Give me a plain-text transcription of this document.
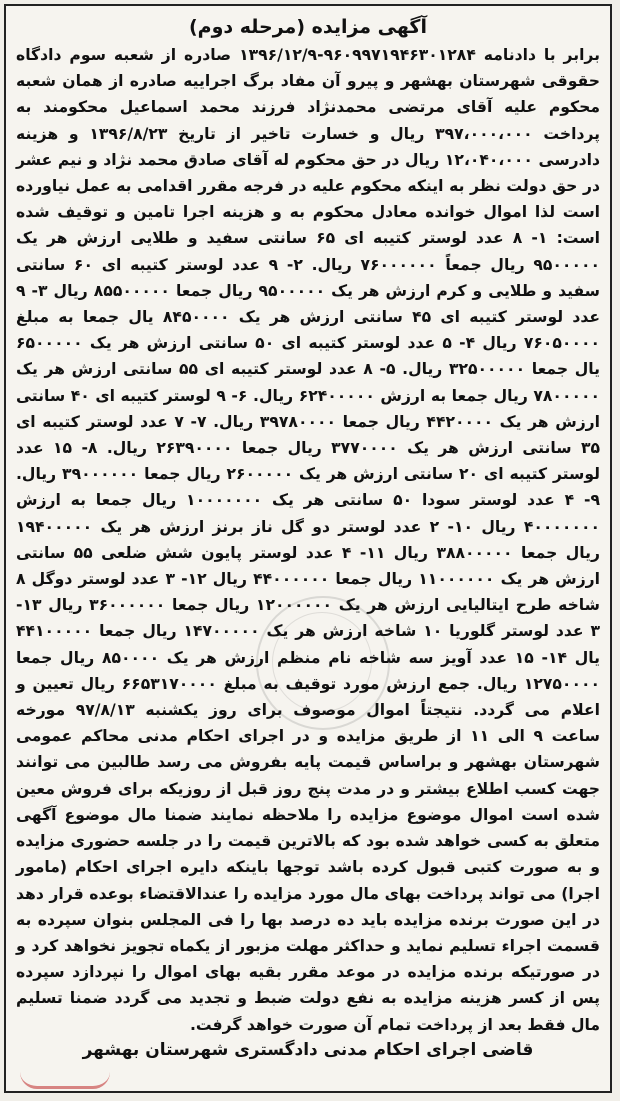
آگهی مزایده (مرحله دوم)

برابر با دادنامه ۹۶۰۹۹۷۱۹۴۶۳۰۱۲۸۴-۱۳۹۶/۱۲/۹ صادره از شعبه سوم دادگاه حقوقی شهرستان بهشهر و پیرو آن مفاد برگ اجراییه صادره از همان شعبه محکوم علیه آقای مرتضی محمدنژاد فرزند محمد اسماعیل محکومند به پرداخت ۳۹۷،۰۰۰،۰۰۰ ریال و خسارت تاخیر از تاریخ ۱۳۹۶/۸/۲۳ و هزینه دادرسی ۱۲،۰۴۰،۰۰۰ ریال در حق محکوم له آقای صادق محمد نژاد و نیم عشر در حق دولت نظر به اینکه محکوم علیه در فرجه مقرر اقدامی به عمل نیاورده است لذا اموال خوانده معادل محکوم به و هزینه اجرا تامین و توقیف شده است: ۱- ۸ عدد لوستر کتیبه ای ۶۵ سانتی سفید و طلایی ارزش هر یک ۹۵۰۰۰۰۰ ریال جمعاً ۷۶۰۰۰۰۰۰ ریال. ۲- ۹ عدد لوستر کتیبه ای ۶۰ سانتی سفید و طلایی و کرم ارزش هر یک ۹۵۰۰۰۰۰ ریال جمعا ۸۵۵۰۰۰۰۰ ریال ۳- ۹ عدد لوستر کتیبه ای ۴۵ سانتی ارزش هر یک ۸۴۵۰۰۰۰ یال جمعا به مبلغ ۷۶۰۵۰۰۰۰ ریال ۴- ۵ عدد لوستر کتیبه ای ۵۰ سانتی ارزش هر یک ۶۵۰۰۰۰۰ یال جمعا ۳۲۵۰۰۰۰۰ ریال. ۵- ۸ عدد لوستر کتیبه ای ۵۵ سانتی ارزش هر یک ۷۸۰۰۰۰۰ ریال جمعا به ارزش ۶۲۴۰۰۰۰۰ ریال. ۶- ۹ لوستر کتیبه ای ۴۰ سانتی ارزش هر یک ۴۴۲۰۰۰۰ ریال جمعا ۳۹۷۸۰۰۰۰ ریال. ۷- ۷ عدد لوستر کتیبه ای ۳۵ سانتی ارزش هر یک ۳۷۷۰۰۰۰ ریال جمعا ۲۶۳۹۰۰۰۰ ریال. ۸- ۱۵ عدد لوستر کتیبه ای ۲۰ سانتی ارزش هر یک ۲۶۰۰۰۰۰ ریال جمعا ۳۹۰۰۰۰۰۰ ریال. ۹- ۴ عدد لوستر سودا ۵۰ سانتی هر یک ۱۰۰۰۰۰۰۰ ریال جمعا به ارزش ۴۰۰۰۰۰۰۰ ریال ۱۰- ۲ عدد لوستر دو گل ناز برنز ارزش هر یک ۱۹۴۰۰۰۰۰ ریال جمعا ۳۸۸۰۰۰۰۰ ریال ۱۱- ۴ عدد لوستر پایون شش ضلعی ۵۵ سانتی ارزش هر یک ۱۱۰۰۰۰۰۰ ریال جمعا ۴۴۰۰۰۰۰۰ ریال ۱۲- ۳ عدد لوستر دوگل ۸ شاخه طرح ایتالیایی ارزش هر یک ۱۲۰۰۰۰۰۰ ریال جمعا ۳۶۰۰۰۰۰۰ ریال ۱۳- ۳ عدد لوستر گلوریا ۱۰ شاخه ارزش هر یک ۱۴۷۰۰۰۰۰ ریال جمعا ۴۴۱۰۰۰۰۰ یال ۱۴- ۱۵ عدد آویز سه شاخه نام منظم ارزش هر یک ۸۵۰۰۰۰ ریال جمعا ۱۲۷۵۰۰۰۰ ریال. جمع ارزش مورد توقیف به مبلغ ۶۶۵۳۱۷۰۰۰۰ ریال تعیین و اعلام می گردد. نتیجتاً اموال موصوف برای روز یکشنبه ۹۷/۸/۱۳ مورخه ساعت ۹ الی ۱۱ از طریق مزایده و در اجرای احکام مدنی محاکم عمومی شهرستان بهشهر و براساس قیمت پایه بفروش می رسد طالبین می توانند جهت کسب اطلاع بیشتر و در مدت پنج روز قبل از روزیکه برای فروش معین شده است اموال موضوع مزایده را ملاحظه نمایند ضمنا مال موضوع آگهی متعلق به کسی خواهد شده بود که بالاترین قیمت را در جلسه حضوری مزایده و به صورت کتبی قبول کرده باشد توجها باینکه دایره اجرای احکام (مامور اجرا) می تواند پرداخت بهای مال مورد مزایده را عندالاقتضاء بوعده قرار دهد در این صورت برنده مزایده باید ده درصد بها را فی المجلس بنوان سپرده به قسمت اجراء تسلیم نماید و حداکثر مهلت مزبور از یکماه تجویز نخواهد کرد و در صورتیکه برنده مزایده در موعد مقرر بقیه بهای اموال را نپردازد سپرده پس از کسر هزینه مزایده به نفع دولت ضبط و تجدید می گردد ضمنا تسلیم مال فقط بعد از پرداخت تمام آن صورت خواهد گرفت.

قاضی اجرای احکام مدنی دادگستری شهرستان بهشهر
